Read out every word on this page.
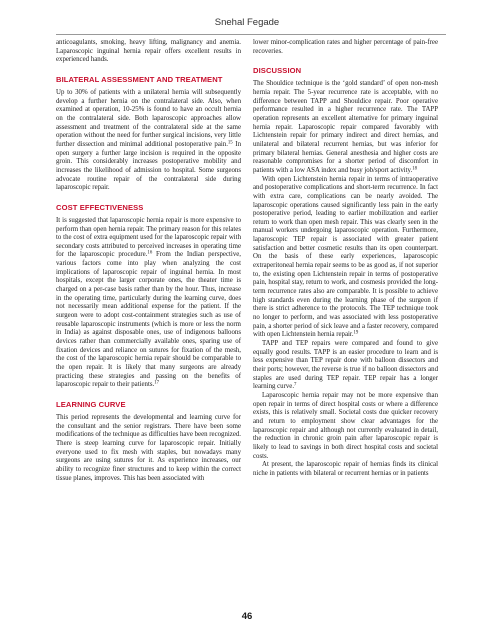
Snehal Fegade

anticoagulants, smoking, heavy lifting, malignancy and anemia. Laparoscopic inguinal hernia repair offers excellent results in experienced hands.

BILATERAL ASSESSMENT AND TREATMENT

Up to 30% of patients with a unilateral hernia will subsequently develop a further hernia on the contralateral side. Also, when examined at operation, 10-25% is found to have an occult hernia on the contralateral side. Both laparoscopic approaches allow assessment and treatment of the contralateral side at the same operation without the need for further surgical incisions, very little further dissection and minimal additional postoperative pain.$^{15}$ In open surgery a further large incision is required in the opposite groin. This considerably increases postoperative mobility and increases the likelihood of admission to hospital. Some surgeons advocate routine repair of the contralateral side during laparoscopic repair.

COST EFFECTIVENESS

It is suggested that laparoscopic hernia repair is more expensive to perform than open hernia repair. The primary reason for this relates to the cost of extra equipment used for the laparoscopic repair with secondary costs attributed to perceived increases in operating time for the laparoscopic procedure.$^{16}$ From the Indian perspective, various factors come into play when analyzing the cost implications of laparoscopic repair of inguinal hernia. In most hospitals, except the larger corporate ones, the theater time is charged on a per-case basis rather than by the hour. Thus, increase in the operating time, particularly during the learning curve, does not necessarily mean additional expense for the patient. If the surgeon were to adopt cost-containment strategies such as use of reusable laparoscopic instruments (which is more or less the norm in India) as against disposable ones, use of indigenous balloons devices rather than commercially available ones, sparing use of fixation devices and reliance on sutures for fixation of the mesh, the cost of the laparoscopic hernia repair should be comparable to the open repair. It is likely that many surgeons are already practicing these strategies and passing on the benefits of laparoscopic repair to their patients.$^{17}$

LEARNING CURVE

This period represents the developmental and learning curve for the consultant and the senior registrars. There have been some modifications of the technique as difficulties have been recognized. There is steep learning curve for laparoscopic repair. Initially everyone used to fix mesh with staples, but nowadays many surgeons are using sutures for it. As experience increases, our ability to recognize finer structures and to keep within the correct tissue planes, improves. This has been associated with

lower minor-complication rates and higher percentage of pain-free recoveries.

DISCUSSION

The Shouldice technique is the ‘gold standard’ of open non-mesh hernia repair. The 5-year recurrence rate is acceptable, with no difference between TAPP and Shouldice repair. Poor operative performance resulted in a higher recurrence rate. The TAPP operation represents an excellent alternative for primary inguinal hernia repair. Laparoscopic repair compared favorably with Lichtenstein repair for primary indirect and direct hernias, and unilateral and bilateral recurrent hernias, but was inferior for primary bilateral hernias. General anesthesia and higher costs are reasonable compromises for a shorter period of discomfort in patients with a low ASA index and busy job/sport activity.$^{18}$

With open Lichtenstein hernia repair in terms of intraoperative and postoperative complications and short-term recurrence. In fact with extra care, complications can be nearly avoided. The laparoscopic operations caused significantly less pain in the early postoperative period, leading to earlier mobilization and earlier return to work than open mesh repair. This was clearly seen in the manual workers undergoing laparoscopic operation. Furthermore, laparoscopic TEP repair is associated with greater patient satisfaction and better cosmetic results than its open counterpart. On the basis of these early experiences, laparoscopic extraperitoneal hernia repair seems to be as good as, if not superior to, the existing open Lichtenstein repair in terms of postoperative pain, hospital stay, return to work, and cosmesis provided the long-term recurrence rates also are comparable. It is possible to achieve high standards even during the learning phase of the surgeon if there is strict adherence to the protocols. The TEP technique took no longer to perform, and was associated with less postoperative pain, a shorter period of sick leave and a faster recovery, compared with open Lichtenstein hernia repair.$^{19}$

TAPP and TEP repairs were compared and found to give equally good results. TAPP is an easier procedure to learn and is less expensive than TEP repair done with balloon dissectors and their ports; however, the reverse is true if no balloon dissectors and staples are used during TEP repair. TEP repair has a longer learning curve.$^7$

Laparoscopic hernia repair may not be more expensive than open repair in terms of direct hospital costs or where a difference exists, this is relatively small. Societal costs due quicker recovery and return to employment show clear advantages for the laparoscopic repair and although not currently evaluated in detail, the reduction in chronic groin pain after laparoscopic repair is likely to lead to savings in both direct hospital costs and societal costs.

At present, the laparoscopic repair of hernias finds its clinical niche in patients with bilateral or recurrent hernias or in patients

46
